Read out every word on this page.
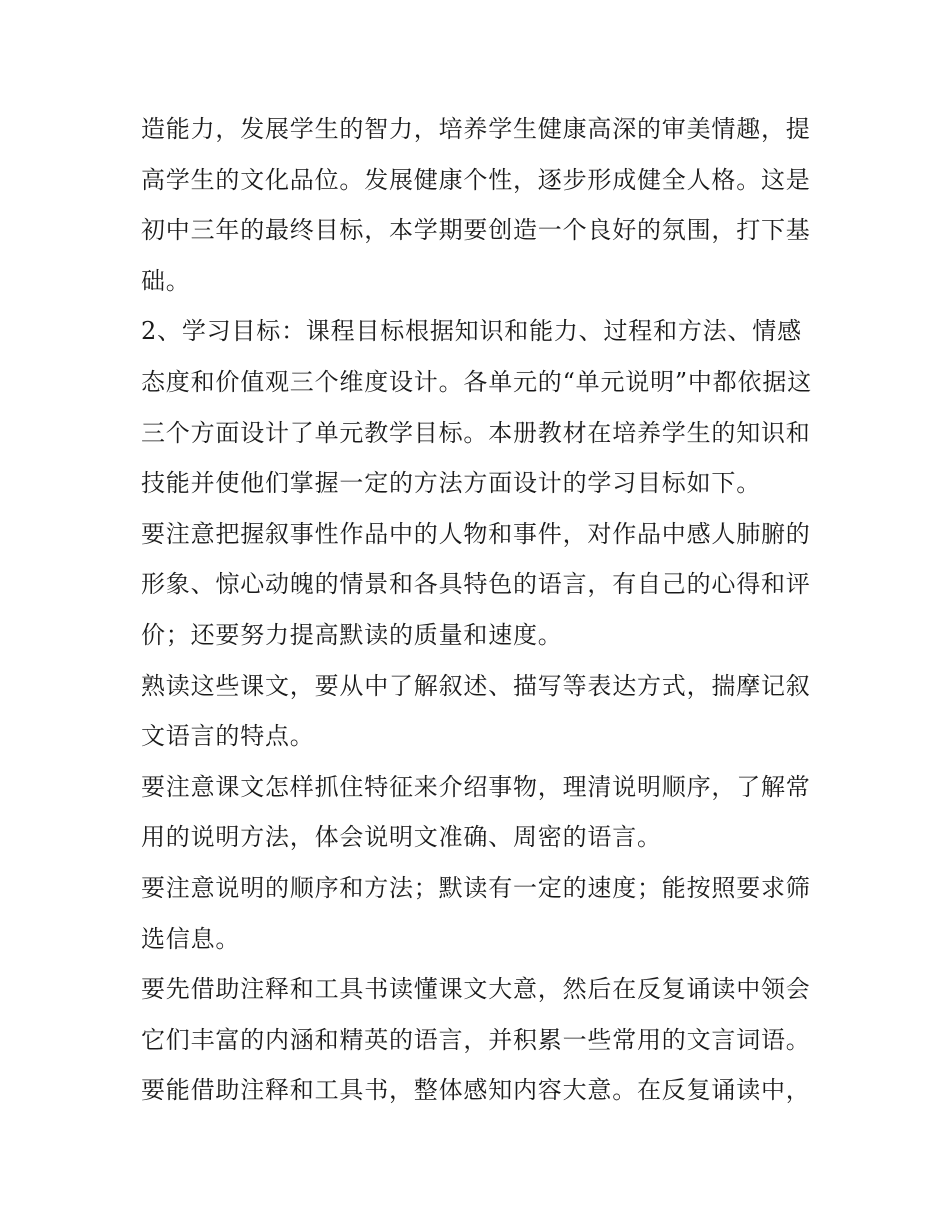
造能力，发展学生的智力，培养学生健康高深的审美情趣，提
高学生的文化品位。发展健康个性，逐步形成健全人格。这是
初中三年的最终目标，本学期要创造一个良好的氛围，打下基
础。
2、学习目标：课程目标根据知识和能力、过程和方法、情感
态度和价值观三个维度设计。各单元的“单元说明”中都依据这
三个方面设计了单元教学目标。本册教材在培养学生的知识和
技能并使他们掌握一定的方法方面设计的学习目标如下。
要注意把握叙事性作品中的人物和事件，对作品中感人肺腑的
形象、惊心动魄的情景和各具特色的语言，有自己的心得和评
价；还要努力提高默读的质量和速度。
熟读这些课文，要从中了解叙述、描写等表达方式，揣摩记叙
文语言的特点。
要注意课文怎样抓住特征来介绍事物，理清说明顺序，了解常
用的说明方法，体会说明文准确、周密的语言。
要注意说明的顺序和方法；默读有一定的速度；能按照要求筛
选信息。
要先借助注释和工具书读懂课文大意，然后在反复诵读中领会
它们丰富的内涵和精英的语言，并积累一些常用的文言词语。
要能借助注释和工具书，整体感知内容大意。在反复诵读中，
